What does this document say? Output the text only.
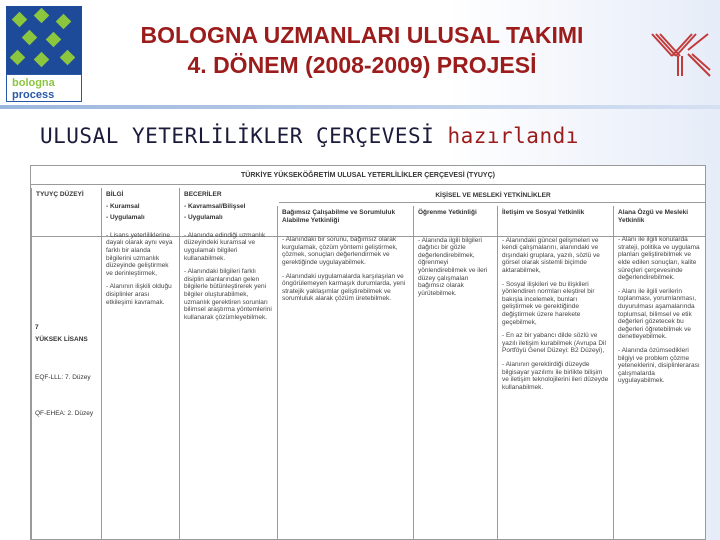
bologna
process
BOLOGNA UZMANLARI ULUSAL TAKIMI
4. DÖNEM (2008-2009) PROJESİ
ULUSAL YETERLİLİKLER ÇERÇEVESİ hazırlandı
TÜRKİYE YÜKSEKÖĞRETİM ULUSAL YETERLİLİKLER ÇERÇEVESİ (TYUYÇ)
KİŞİSEL VE MESLEKİ YETKİNLİKLER
TYUYÇ DÜZEYİ
7
YÜKSEK LİSANS
EQF-LLL: 7. Düzey
QF-EHEA: 2. Düzey
BİLGİ
- Kuramsal
- Uygulamalı

- Lisans yeterliliklerine dayalı olarak aynı veya farklı bir alanda bilgilerini uzmanlık düzeyinde geliştirmek ve derinleştirmek,

- Alanının ilişkili olduğu disiplinler arası etkileşimi kavramak.

BECERİLER
- Kavramsal/Bilişsel
- Uygulamalı

- Alanında edindiği uzmanlık düzeyindeki kuramsal ve uygulamalı bilgileri kullanabilmek.

- Alanındaki bilgileri farklı disiplin alanlarından gelen bilgilerle bütünleştirerek yeni bilgiler oluşturabilmek, uzmanlık gerektiren sorunları bilimsel araştırma yöntemlerini kullanarak çözümleyebilmek.

Bağımsız Çalışabilme ve Sorumluluk Alabilme Yetkinliği

- Alanındaki bir sorunu, bağımsız olarak kurgulamak, çözüm yöntemi geliştirmek, çözmek, sonuçları değerlendirmek ve gerektiğinde uygulayabilmek.

- Alanındaki uygulamalarda karşılaşılan ve öngörülemeyen karmaşık durumlarda, yeni stratejik yaklaşımlar geliştirebilmek ve sorumluluk alarak çözüm üretebilmek.

Öğrenme Yetkinliği

- Alanında ilgili bilgileri dağıtıcı bir gözle değerlendirebilmek, öğrenmeyi yönlendirebilmek ve ileri düzey çalışmaları bağımsız olarak yürütebilmek.

İletişim ve Sosyal Yetkinlik

- Alanındaki güncel gelişmeleri ve kendi çalışmalarını, alanındaki ve dışındaki gruplara, yazılı, sözlü ve görsel olarak sistemli biçimde aktarabilmek,

- Sosyal ilişkileri ve bu ilişkileri yönlendiren normları eleştirel bir bakışla incelemek, bunları geliştirmek ve gerektiğinde değiştirmek üzere harekete geçebilmek,

- En az bir yabancı dilde sözlü ve yazılı iletişim kurabilmek (Avrupa Dil Portföyü Genel Düzeyi: B2 Düzeyi),

- Alanının gerektirdiği düzeyde bilgisayar yazılımı ile birlikte bilişim ve iletişim teknolojilerini ileri düzeyde kullanabilmek.

Alana Özgü ve Mesleki Yetkinlik

- Alanı ile ilgili konularda strateji, politika ve uygulama planları geliştirebilmek ve elde edilen sonuçları, kalite süreçleri çerçevesinde değerlendirebilmek.

- Alanı ile ilgili verilerin toplanması, yorumlanması, duyurulması aşamalarında toplumsal, bilimsel ve etik değerleri gözetecek bu değerleri öğretebilmek ve denetleyebilmek.

- Alanında özümsedikleri bilgiyi ve problem çözme yeteneklerini, disiplinlerarası çalışmalarda uygulayabilmek.
